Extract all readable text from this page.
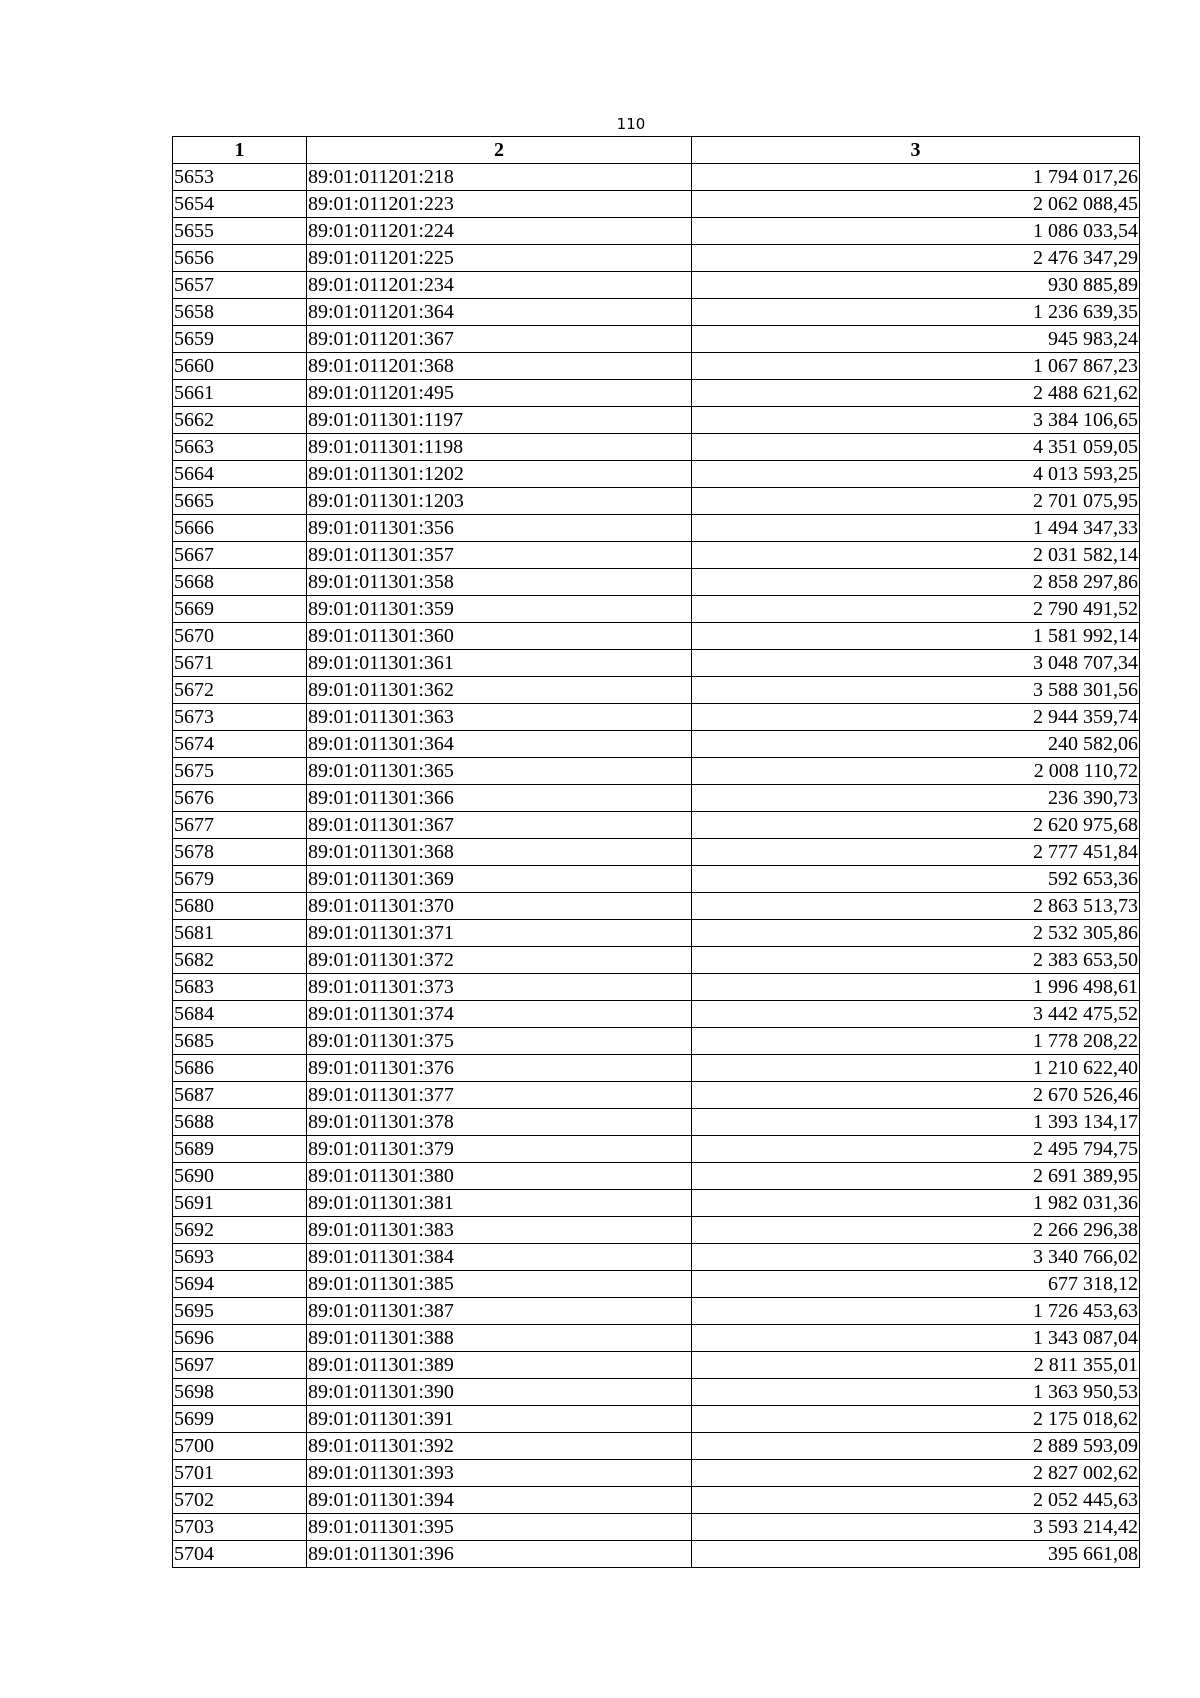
110
1	2	3
5653	89:01:011201:218	1 794 017,26
5654	89:01:011201:223	2 062 088,45
5655	89:01:011201:224	1 086 033,54
5656	89:01:011201:225	2 476 347,29
5657	89:01:011201:234	930 885,89
5658	89:01:011201:364	1 236 639,35
5659	89:01:011201:367	945 983,24
5660	89:01:011201:368	1 067 867,23
5661	89:01:011201:495	2 488 621,62
5662	89:01:011301:1197	3 384 106,65
5663	89:01:011301:1198	4 351 059,05
5664	89:01:011301:1202	4 013 593,25
5665	89:01:011301:1203	2 701 075,95
5666	89:01:011301:356	1 494 347,33
5667	89:01:011301:357	2 031 582,14
5668	89:01:011301:358	2 858 297,86
5669	89:01:011301:359	2 790 491,52
5670	89:01:011301:360	1 581 992,14
5671	89:01:011301:361	3 048 707,34
5672	89:01:011301:362	3 588 301,56
5673	89:01:011301:363	2 944 359,74
5674	89:01:011301:364	240 582,06
5675	89:01:011301:365	2 008 110,72
5676	89:01:011301:366	236 390,73
5677	89:01:011301:367	2 620 975,68
5678	89:01:011301:368	2 777 451,84
5679	89:01:011301:369	592 653,36
5680	89:01:011301:370	2 863 513,73
5681	89:01:011301:371	2 532 305,86
5682	89:01:011301:372	2 383 653,50
5683	89:01:011301:373	1 996 498,61
5684	89:01:011301:374	3 442 475,52
5685	89:01:011301:375	1 778 208,22
5686	89:01:011301:376	1 210 622,40
5687	89:01:011301:377	2 670 526,46
5688	89:01:011301:378	1 393 134,17
5689	89:01:011301:379	2 495 794,75
5690	89:01:011301:380	2 691 389,95
5691	89:01:011301:381	1 982 031,36
5692	89:01:011301:383	2 266 296,38
5693	89:01:011301:384	3 340 766,02
5694	89:01:011301:385	677 318,12
5695	89:01:011301:387	1 726 453,63
5696	89:01:011301:388	1 343 087,04
5697	89:01:011301:389	2 811 355,01
5698	89:01:011301:390	1 363 950,53
5699	89:01:011301:391	2 175 018,62
5700	89:01:011301:392	2 889 593,09
5701	89:01:011301:393	2 827 002,62
5702	89:01:011301:394	2 052 445,63
5703	89:01:011301:395	3 593 214,42
5704	89:01:011301:396	395 661,08
